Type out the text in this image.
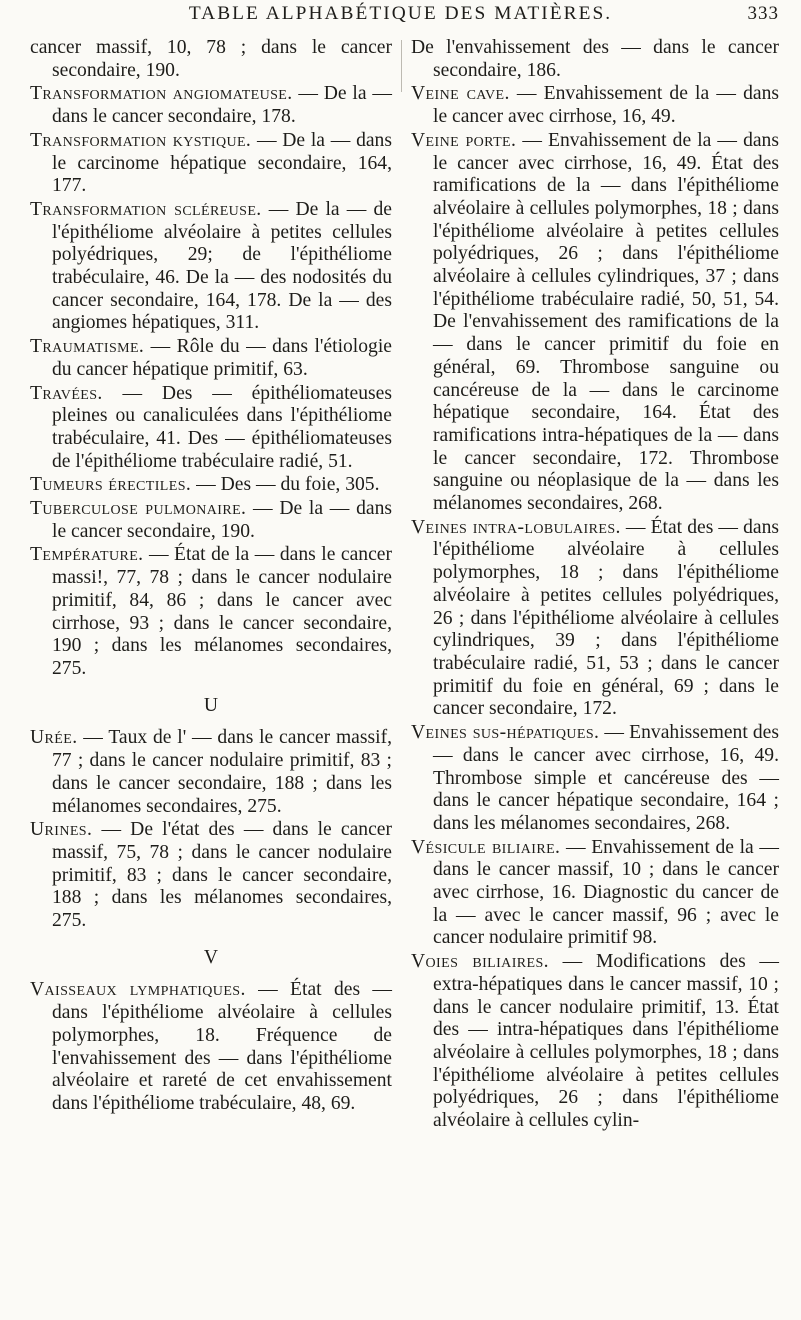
TABLE ALPHABÉTIQUE DES MATIÈRES.	333
cancer massif, 10, 78 ; dans le cancer secondaire, 190.
Transformation angiomateuse. — De la — dans le cancer secondaire, 178.
Transformation kystique. — De la — dans le carcinome hépatique secondaire, 164, 177.
Transformation scléreuse. — De la — de l'épithéliome alvéolaire à petites cellules polyédriques, 29; de l'épithéliome trabéculaire, 46. De la — des nodosités du cancer secondaire, 164, 178. De la — des angiomes hépatiques, 311.
Traumatisme. — Rôle du — dans l'étiologie du cancer hépatique primitif, 63.
Travées. — Des — épithéliomateuses pleines ou canaliculées dans l'épithéliome trabéculaire, 41. Des — épithéliomateuses de l'épithéliome trabéculaire radié, 51.
Tumeurs érectiles. — Des — du foie, 305.
Tuberculose pulmonaire. — De la — dans le cancer secondaire, 190.
Température. — État de la — dans le cancer massi!, 77, 78 ; dans le cancer nodulaire primitif, 84, 86 ; dans le cancer avec cirrhose, 93 ; dans le cancer secondaire, 190 ; dans les mélanomes secondaires, 275.
U
Urée. — Taux de l' — dans le cancer massif, 77 ; dans le cancer nodulaire primitif, 83 ; dans le cancer secondaire, 188 ; dans les mélanomes secondaires, 275.
Urines. — De l'état des — dans le cancer massif, 75, 78 ; dans le cancer nodulaire primitif, 83 ; dans le cancer secondaire, 188 ; dans les mélanomes secondaires, 275.
V
Vaisseaux lymphatiques. — État des — dans l'épithéliome alvéolaire à cellules polymorphes, 18. Fréquence de l'envahissement des — dans l'épithéliome alvéolaire et rareté de cet envahissement dans l'épithéliome trabéculaire, 48, 69.
De l'envahissement des — dans le cancer secondaire, 186.
Veine cave. — Envahissement de la — dans le cancer avec cirrhose, 16, 49.
Veine porte. — Envahissement de la — dans le cancer avec cirrhose, 16, 49. État des ramifications de la — dans l'épithéliome alvéolaire à cellules polymorphes, 18 ; dans l'épithéliome alvéolaire à petites cellules polyédriques, 26 ; dans l'épithéliome alvéolaire à cellules cylindriques, 37 ; dans l'épithéliome trabéculaire radié, 50, 51, 54. De l'envahissement des ramifications de la — dans le cancer primitif du foie en général, 69. Thrombose sanguine ou cancéreuse de la — dans le carcinome hépatique secondaire, 164. État des ramifications intra-hépatiques de la — dans le cancer secondaire, 172. Thrombose sanguine ou néoplasique de la — dans les mélanomes secondaires, 268.
Veines intra-lobulaires. — État des — dans l'épithéliome alvéolaire à cellules polymorphes, 18 ; dans l'épithéliome alvéolaire à petites cellules polyédriques, 26 ; dans l'épithéliome alvéolaire à cellules cylindriques, 39 ; dans l'épithéliome trabéculaire radié, 51, 53 ; dans le cancer primitif du foie en général, 69 ; dans le cancer secondaire, 172.
Veines sus-hépatiques. — Envahissement des — dans le cancer avec cirrhose, 16, 49. Thrombose simple et cancéreuse des — dans le cancer hépatique secondaire, 164 ; dans les mélanomes secondaires, 268.
Vésicule biliaire. — Envahissement de la — dans le cancer massif, 10 ; dans le cancer avec cirrhose, 16. Diagnostic du cancer de la — avec le cancer massif, 96 ; avec le cancer nodulaire primitif 98.
Voies biliaires. — Modifications des — extra-hépatiques dans le cancer massif, 10 ; dans le cancer nodulaire primitif, 13. État des — intra-hépatiques dans l'épithéliome alvéolaire à cellules polymorphes, 18 ; dans l'épithéliome alvéolaire à petites cellules polyédriques, 26 ; dans l'épithéliome alvéolaire à cellules cylin-
